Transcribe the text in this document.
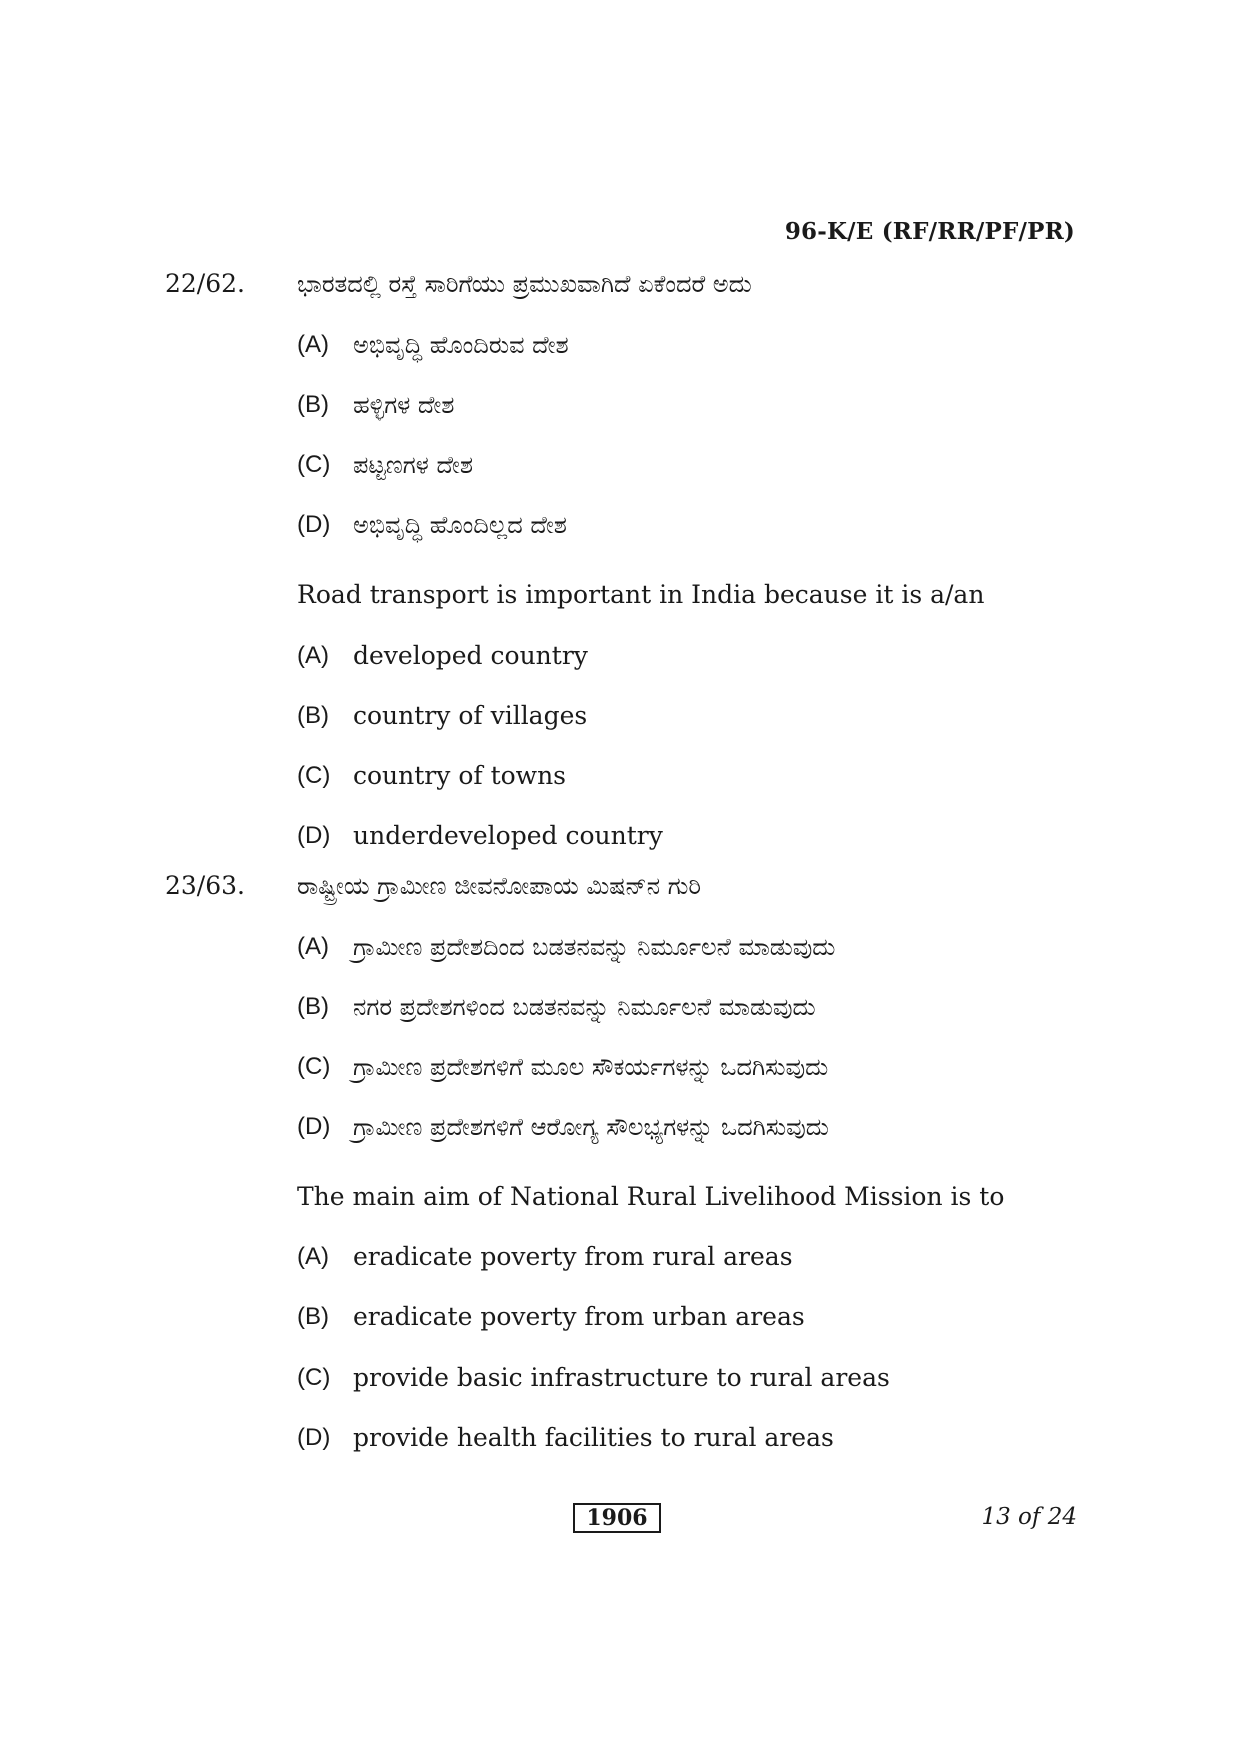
96-K/E (RF/RR/PF/PR)
22/62. ಭಾರತದಲ್ಲಿ ರಸ್ತೆ ಸಾರಿಗೆಯು ಪ್ರಮುಖವಾಗಿದೆ ಏಕೆಂದರೆ ಅದು
(A) ಅಭಿವೃದ್ಧಿ ಹೊಂದಿರುವ ದೇಶ
(B) ಹಳ್ಳಿಗಳ ದೇಶ
(C) ಪಟ್ಟಣಗಳ ದೇಶ
(D) ಅಭಿವೃದ್ಧಿ ಹೊಂದಿಲ್ಲದ ದೇಶ
Road transport is important in India because it is a/an
(A) developed country
(B) country of villages
(C) country of towns
(D) underdeveloped country
23/63. ರಾಷ್ಟ್ರೀಯ ಗ್ರಾಮೀಣ ಜೀವನೋಪಾಯ ಮಿಷನ್‌ನ ಗುರಿ
(A) ಗ್ರಾಮೀಣ ಪ್ರದೇಶದಿಂದ ಬಡತನವನ್ನು ನಿರ್ಮೂಲನೆ ಮಾಡುವುದು
(B) ನಗರ ಪ್ರದೇಶಗಳಿಂದ ಬಡತನವನ್ನು ನಿರ್ಮೂಲನೆ ಮಾಡುವುದು
(C) ಗ್ರಾಮೀಣ ಪ್ರದೇಶಗಳಿಗೆ ಮೂಲ ಸೌಕರ್ಯಗಳನ್ನು ಒದಗಿಸುವುದು
(D) ಗ್ರಾಮೀಣ ಪ್ರದೇಶಗಳಿಗೆ ಆರೋಗ್ಯ ಸೌಲಭ್ಯಗಳನ್ನು ಒದಗಿಸುವುದು
The main aim of National Rural Livelihood Mission is to
(A) eradicate poverty from rural areas
(B) eradicate poverty from urban areas
(C) provide basic infrastructure to rural areas
(D) provide health facilities to rural areas
1906	13 of 24
